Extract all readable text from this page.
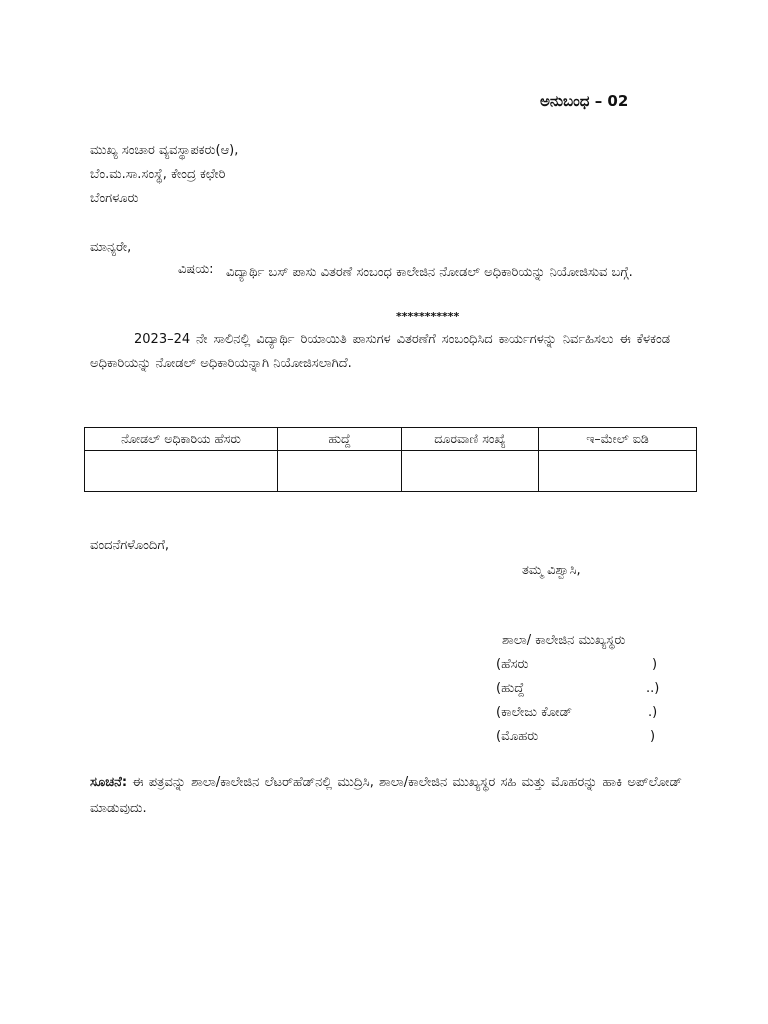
ಅನುಬಂಧ – 02
ಮುಖ್ಯ ಸಂಚಾರ ವ್ಯವಸ್ಥಾಪಕರು(ಆ),
ಬೆಂ.ಮ.ಸಾ.ಸಂಸ್ಥೆ, ಕೇಂದ್ರ ಕಛೇರಿ
ಬೆಂಗಳೂರು
ಮಾನ್ಯರೇ,
ವಿಷಯ: ವಿದ್ಯಾರ್ಥಿ ಬಸ್ ಪಾಸು ವಿತರಣೆ ಸಂಬಂಧ ಕಾಲೇಜಿನ ನೋಡಲ್ ಅಧಿಕಾರಿಯನ್ನು ನಿಯೋಜಿಸುವ ಬಗ್ಗೆ.
***********
2023–24 ನೇ ಸಾಲಿನಲ್ಲಿ ವಿದ್ಯಾರ್ಥಿ ರಿಯಾಯಿತಿ ಪಾಸುಗಳ ವಿತರಣೆಗೆ ಸಂಬಂಧಿಸಿದ ಕಾರ್ಯಗಳನ್ನು ನಿರ್ವಹಿಸಲು ಈ ಕೆಳಕಂಡ ಅಧಿಕಾರಿಯನ್ನು ನೋಡಲ್ ಅಧಿಕಾರಿಯನ್ನಾಗಿ ನಿಯೋಜಿಸಲಾಗಿದೆ.
ನೋಡಲ್ ಅಧಿಕಾರಿಯ ಹೆಸರು	ಹುದ್ದೆ	ದೂರವಾಣಿ ಸಂಖ್ಯೆ	ಇ–ಮೇಲ್ ಐಡಿ

ವಂದನೆಗಳೊಂದಿಗೆ,
ತಮ್ಮ ವಿಶ್ವಾಸಿ,
ಶಾಲಾ/ ಕಾಲೇಜಿನ ಮುಖ್ಯಸ್ಥರು
(ಹೆಸರು	)
(ಹುದ್ದೆ	..)
(ಕಾಲೇಜು ಕೋಡ್	.)
(ಮೊಹರು	)
ಸೂಚನೆ: ಈ ಪತ್ರವನ್ನು ಶಾಲಾ/ಕಾಲೇಜಿನ ಲೆಟರ್‌ಹೆಡ್‌ನಲ್ಲಿ ಮುದ್ರಿಸಿ, ಶಾಲಾ/ಕಾಲೇಜಿನ ಮುಖ್ಯಸ್ಥರ ಸಹಿ ಮತ್ತು ಮೊಹರನ್ನು ಹಾಕಿ ಅಪ್‌ಲೋಡ್ ಮಾಡುವುದು.
